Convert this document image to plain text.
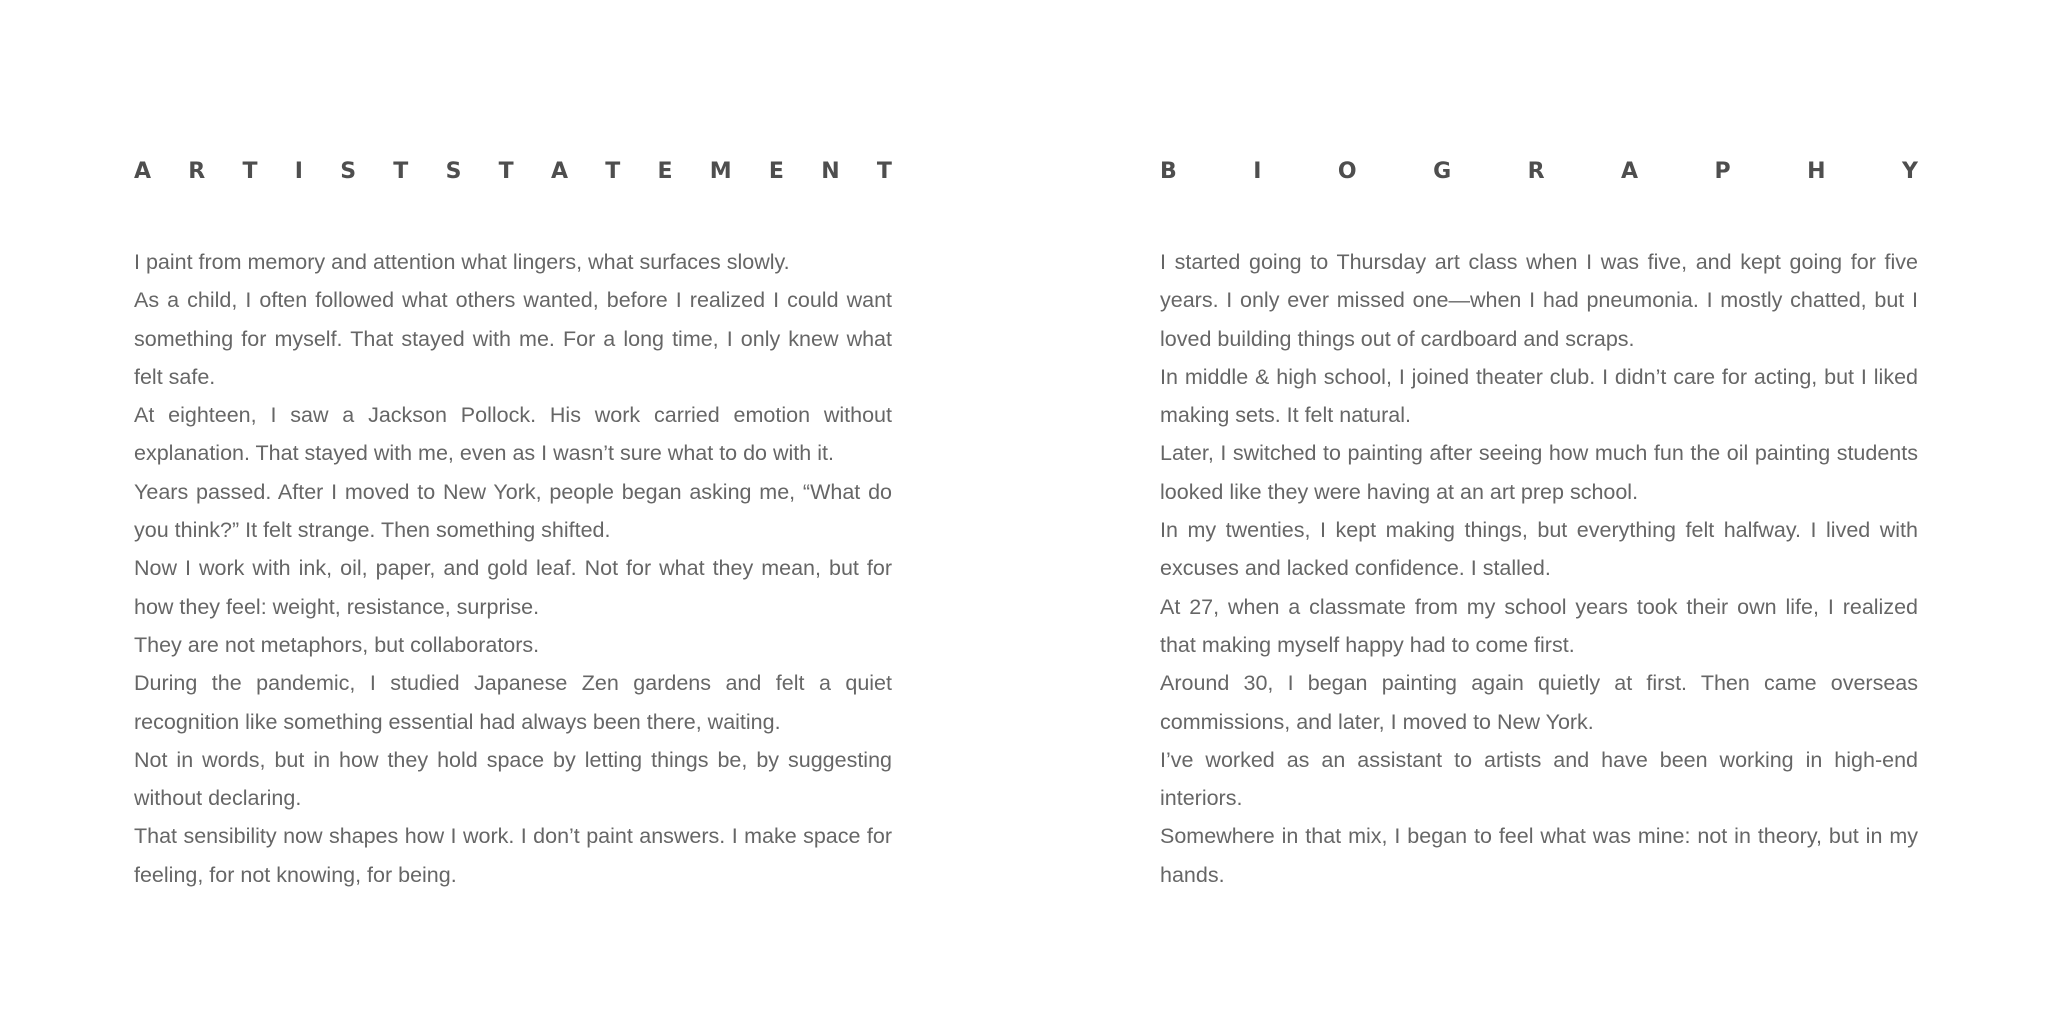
A R T I S T S T A T E M E N T

I paint from memory and attention what lingers, what surfaces slowly.

As a child, I often followed what others wanted, before I realized I could want something for myself. That stayed with me. For a long time, I only knew what felt safe.

At eighteen, I saw a Jackson Pollock. His work carried emotion without explanation. That stayed with me, even as I wasn’t sure what to do with it.

Years passed. After I moved to New York, people began asking me, “What do you think?” It felt strange. Then something shifted.

Now I work with ink, oil, paper, and gold leaf. Not for what they mean, but for how they feel: weight, resistance, surprise.

They are not metaphors, but collaborators.

During the pandemic, I studied Japanese Zen gardens and felt a quiet recognition like something essential had always been there, waiting.

Not in words, but in how they hold space by letting things be, by suggesting without declaring.

That sensibility now shapes how I work. I don’t paint answers. I make space for feeling, for not knowing, for being.

B	I	O	G	R	A	P	H	Y

I started going to Thursday art class when I was five, and kept going for five years. I only ever missed one—when I had pneumonia. I mostly chatted, but I loved building things out of cardboard and scraps.

In middle & high school, I joined theater club. I didn’t care for acting, but I liked making sets. It felt natural.

Later, I switched to painting after seeing how much fun the oil painting students looked like they were having at an art prep school.

In my twenties, I kept making things, but everything felt halfway. I lived with excuses and lacked confidence. I stalled.

At 27, when a classmate from my school years took their own life, I realized that making myself happy had to come first.

Around 30, I began painting again quietly at first. Then came overseas commissions, and later, I moved to New York.

I’ve worked as an assistant to artists and have been working in high-end interiors.

Somewhere in that mix, I began to feel what was mine: not in theory, but in my hands.
